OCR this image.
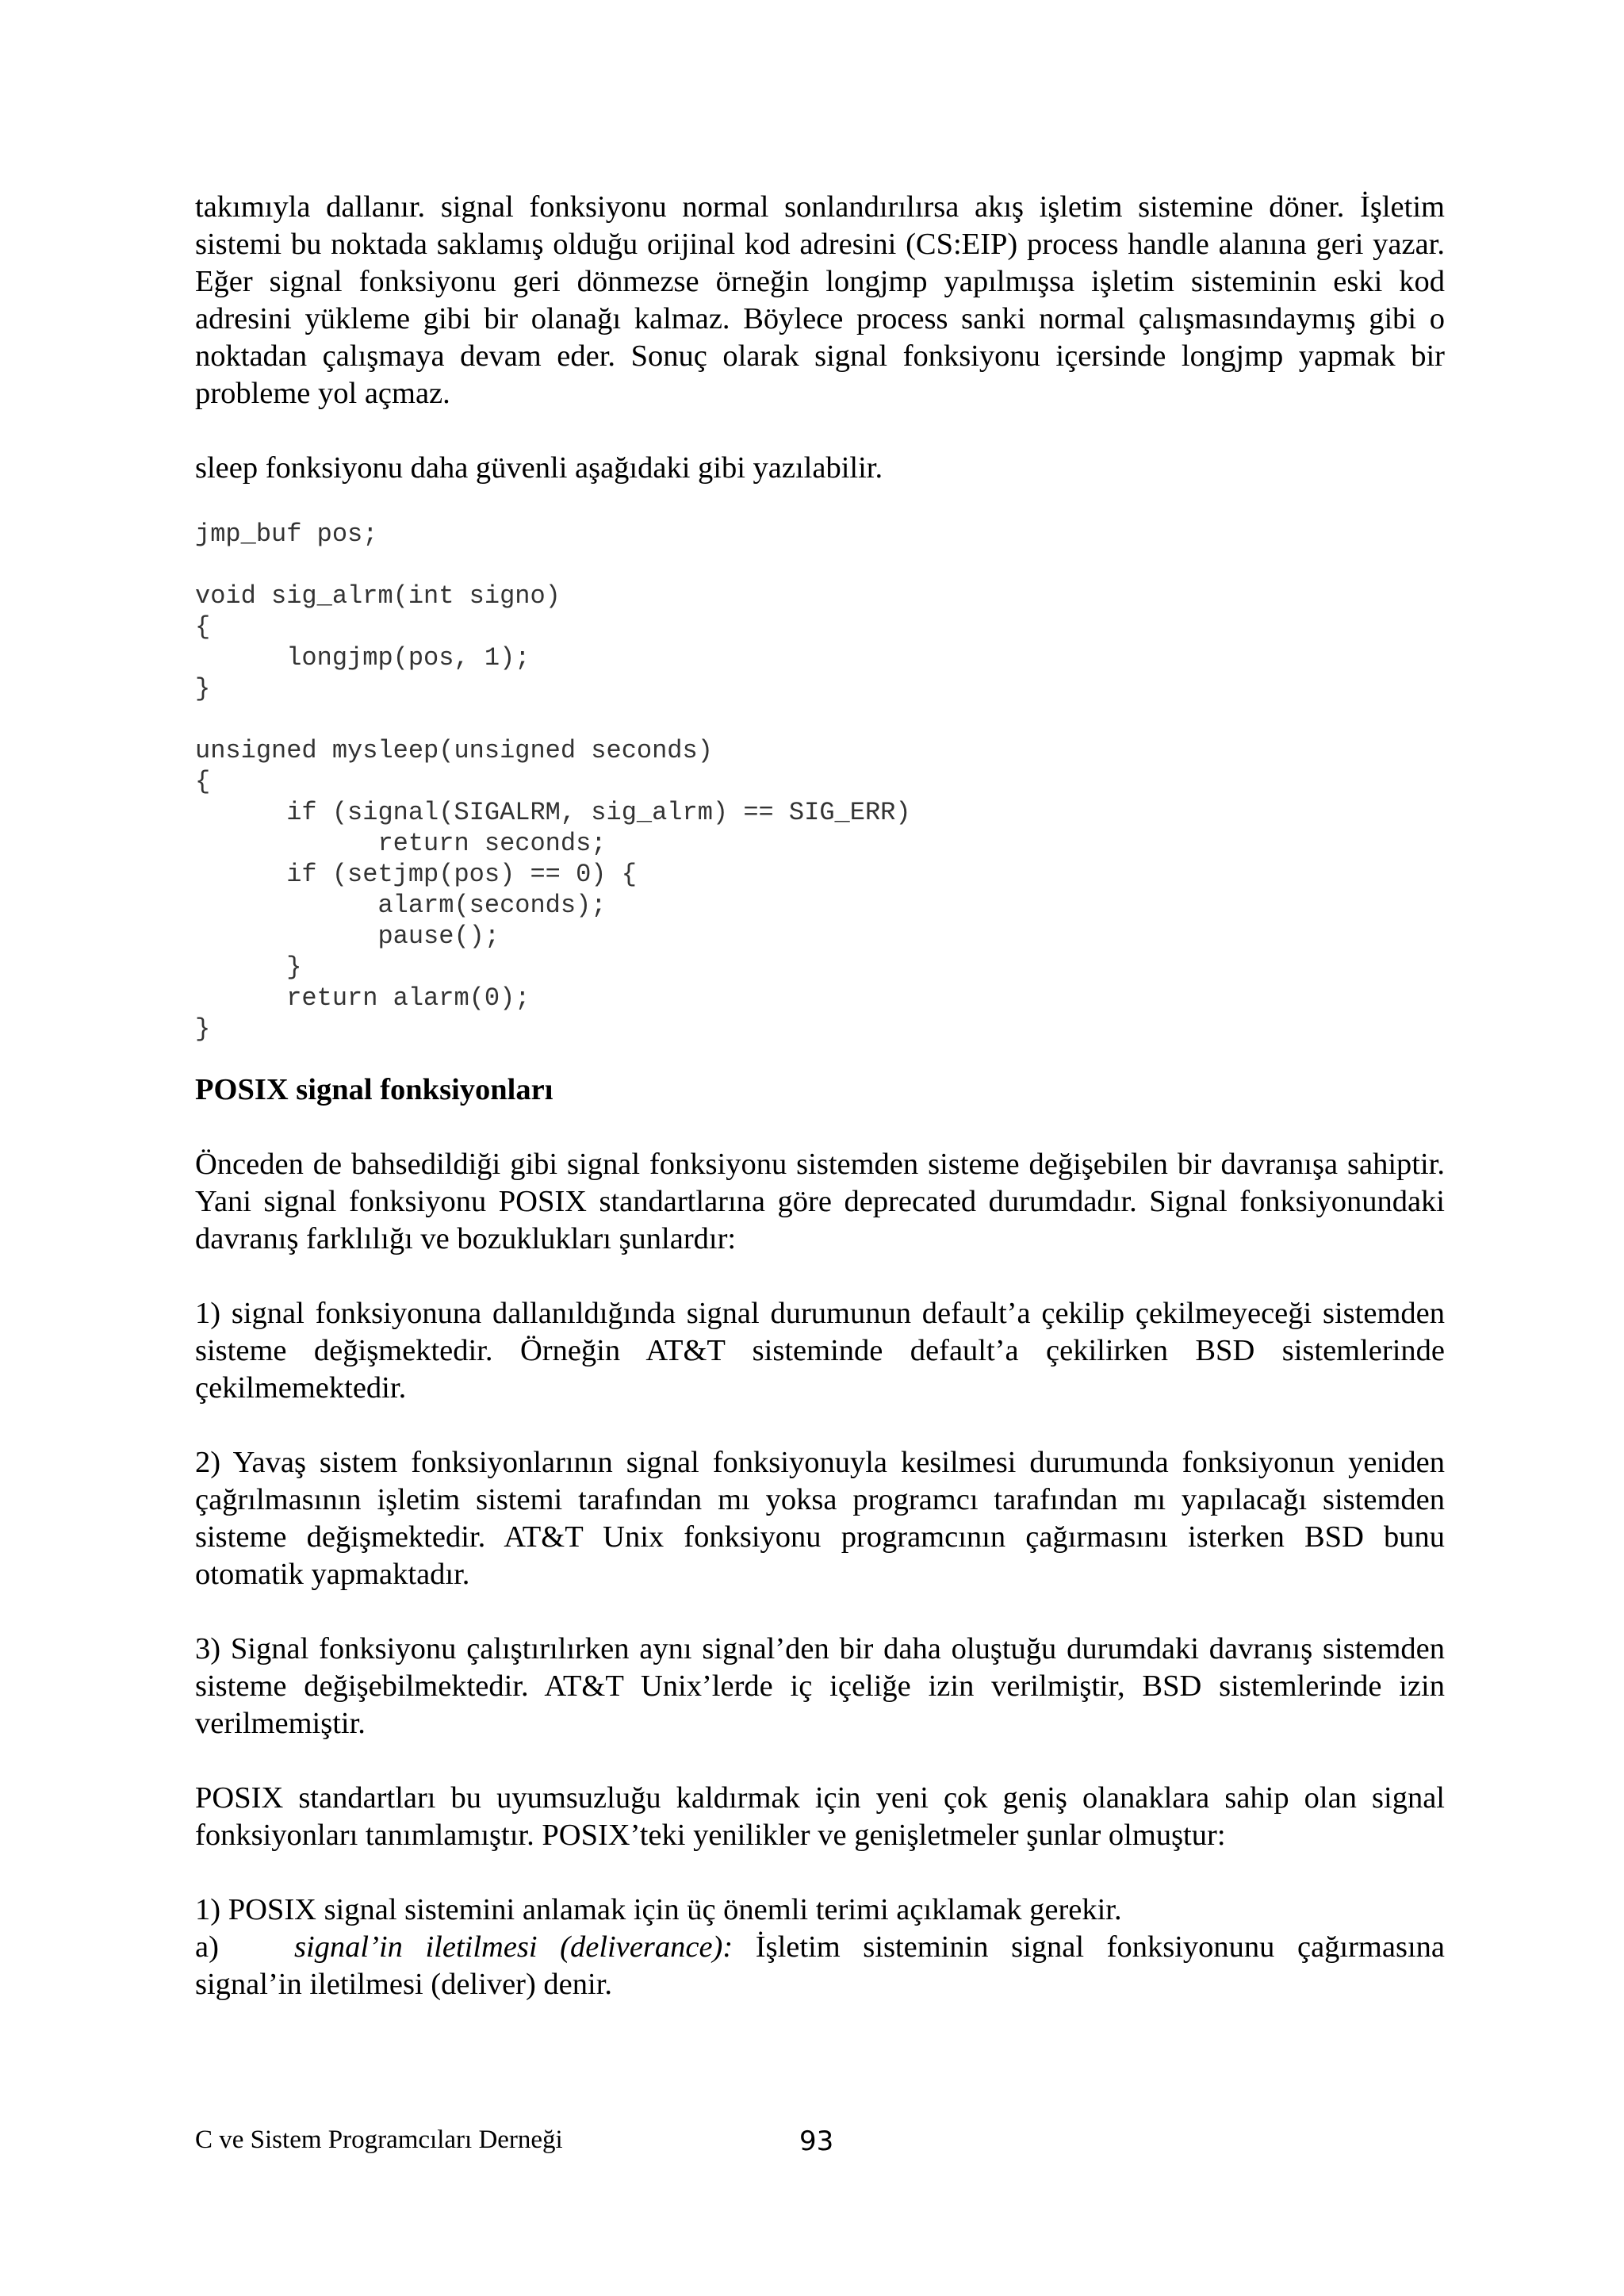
takımıyla dallanır. signal fonksiyonu normal sonlandırılırsa akış işletim sistemine döner. İşletim sistemi bu noktada saklamış olduğu orijinal kod adresini (CS:EIP) process handle alanına geri yazar. Eğer signal fonksiyonu geri dönmezse örneğin longjmp yapılmışsa işletim sisteminin eski kod adresini yükleme gibi bir olanağı kalmaz. Böylece process sanki normal çalışmasındaymış gibi o noktadan çalışmaya devam eder. Sonuç olarak signal fonksiyonu içersinde longjmp yapmak bir probleme yol açmaz.

sleep fonksiyonu daha güvenli aşağıdaki gibi yazılabilir.

jmp_buf pos;
void sig_alrm(int signo)
{
longjmp(pos, 1);
}
unsigned mysleep(unsigned seconds)
{
if (signal(SIGALRM, sig_alrm) == SIG_ERR)
return seconds;
if (setjmp(pos) == 0) {
alarm(seconds);
pause();
}
return alarm(0);
}

POSIX signal fonksiyonları

Önceden de bahsedildiği gibi signal fonksiyonu sistemden sisteme değişebilen bir davranışa sahiptir. Yani signal fonksiyonu POSIX standartlarına göre deprecated durumdadır. Signal fonksiyonundaki davranış farklılığı ve bozuklukları şunlardır:

1) signal fonksiyonuna dallanıldığında signal durumunun default’a çekilip çekilmeyeceği sistemden sisteme değişmektedir. Örneğin AT&T sisteminde default’a çekilirken BSD sistemlerinde çekilmemektedir.

2) Yavaş sistem fonksiyonlarının signal fonksiyonuyla kesilmesi durumunda fonksiyonun yeniden çağrılmasının işletim sistemi tarafından mı yoksa programcı tarafından mı yapılacağı sistemden sisteme değişmektedir. AT&T Unix fonksiyonu programcının çağırmasını isterken BSD bunu otomatik yapmaktadır.

3) Signal fonksiyonu çalıştırılırken aynı signal’den bir daha oluştuğu durumdaki davranış sistemden sisteme değişebilmektedir. AT&T Unix’lerde iç içeliğe izin verilmiştir, BSD sistemlerinde izin verilmemiştir.

POSIX standartları bu uyumsuzluğu kaldırmak için yeni çok geniş olanaklara sahip olan signal fonksiyonları tanımlamıştır. POSIX’teki yenilikler ve genişletmeler şunlar olmuştur:

1) POSIX signal sistemini anlamak için üç önemli terimi açıklamak gerekir.

a) signal’in iletilmesi (deliverance): İşletim sisteminin signal fonksiyonunu çağırmasına signal’in iletilmesi (deliver) denir.

C ve Sistem Programcıları Derneği	93
